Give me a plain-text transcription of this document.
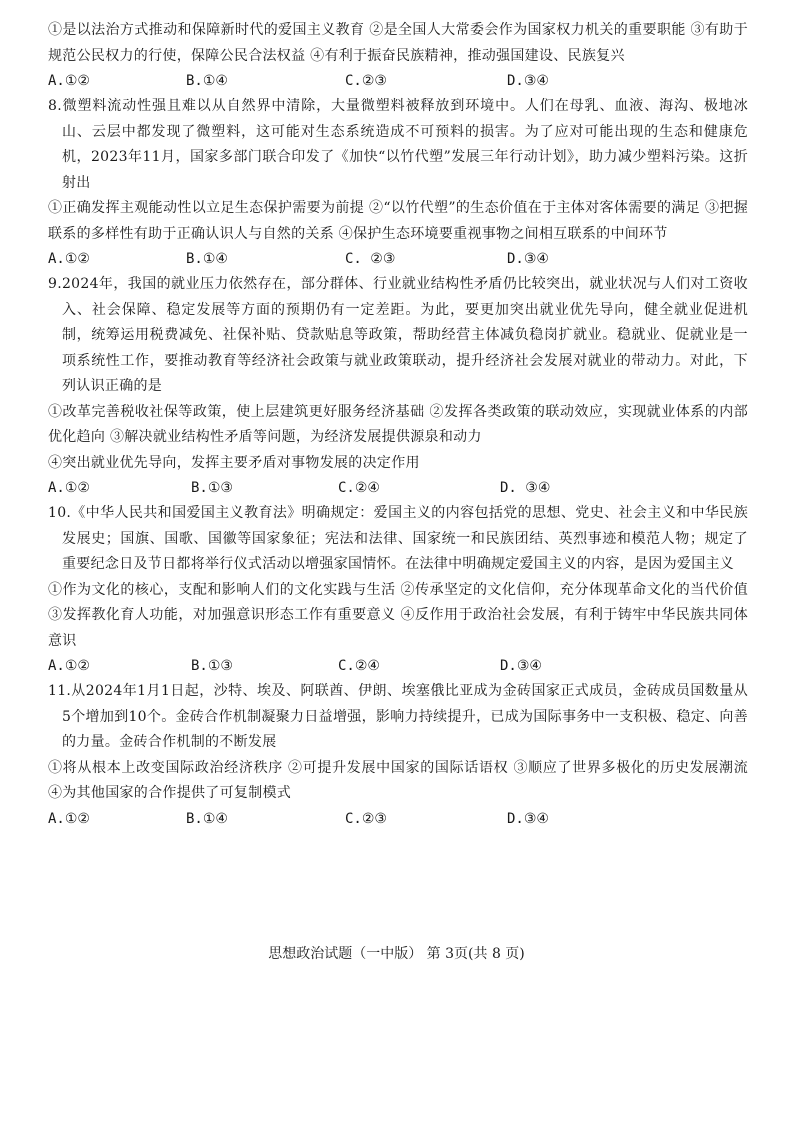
①是以法治方式推动和保障新时代的爱国主义教育 ②是全国人大常委会作为国家权力机关的重要职能 ③有助于规范公民权力的行使，保障公民合法权益 ④有利于振奋民族精神，推动强国建设、民族复兴

A.①②	B.①④	C.②③	D.③④

8.微塑料流动性强且难以从自然界中清除，大量微塑料被释放到环境中。人们在母乳、血液、海沟、极地冰山、云层中都发现了微塑料，这可能对生态系统造成不可预料的损害。为了应对可能出现的生态和健康危机，2023年11月，国家多部门联合印发了《加快“以竹代塑”发展三年行动计划》，助力减少塑料污染。这折射出

①正确发挥主观能动性以立足生态保护需要为前提 ②“以竹代塑”的生态价值在于主体对客体需要的满足 ③把握联系的多样性有助于正确认识人与自然的关系 ④保护生态环境要重视事物之间相互联系的中间环节

A.①②	B.①④	C. ②③	D.③④

9.2024年，我国的就业压力依然存在，部分群体、行业就业结构性矛盾仍比较突出，就业状况与人们对工资收入、社会保障、稳定发展等方面的预期仍有一定差距。为此，要更加突出就业优先导向，健全就业促进机制，统筹运用税费减免、社保补贴、贷款贴息等政策，帮助经营主体减负稳岗扩就业。稳就业、促就业是一项系统性工作，要推动教育等经济社会政策与就业政策联动，提升经济社会发展对就业的带动力。对此，下列认识正确的是

①改革完善税收社保等政策，使上层建筑更好服务经济基础 ②发挥各类政策的联动效应，实现就业体系的内部优化趋向 ③解决就业结构性矛盾等问题，为经济发展提供源泉和动力

④突出就业优先导向，发挥主要矛盾对事物发展的决定作用

A.①②	B.①③	C.②④	D. ③④

10.《中华人民共和国爱国主义教育法》明确规定：爱国主义的内容包括党的思想、党史、社会主义和中华民族发展史；国旗、国歌、国徽等国家象征；宪法和法律、国家统一和民族团结、英烈事迹和模范人物；规定了重要纪念日及节日都将举行仪式活动以增强家国情怀。在法律中明确规定爱国主义的内容，是因为爱国主义

①作为文化的核心，支配和影响人们的文化实践与生活 ②传承坚定的文化信仰，充分体现革命文化的当代价值 ③发挥教化育人功能，对加强意识形态工作有重要意义 ④反作用于政治社会发展，有利于铸牢中华民族共同体意识

A.①②	B.①③	C.②④	D.③④

11.从2024年1月1日起，沙特、埃及、阿联酋、伊朗、埃塞俄比亚成为金砖国家正式成员，金砖成员国数量从5个增加到10个。金砖合作机制凝聚力日益增强，影响力持续提升，已成为国际事务中一支积极、稳定、向善的力量。金砖合作机制的不断发展

①将从根本上改变国际政治经济秩序 ②可提升发展中国家的国际话语权 ③顺应了世界多极化的历史发展潮流 ④为其他国家的合作提供了可复制模式

A.①②	B.①④	C.②③	D.③④
思想政治试题（一中版） 第 3页(共 8 页)
